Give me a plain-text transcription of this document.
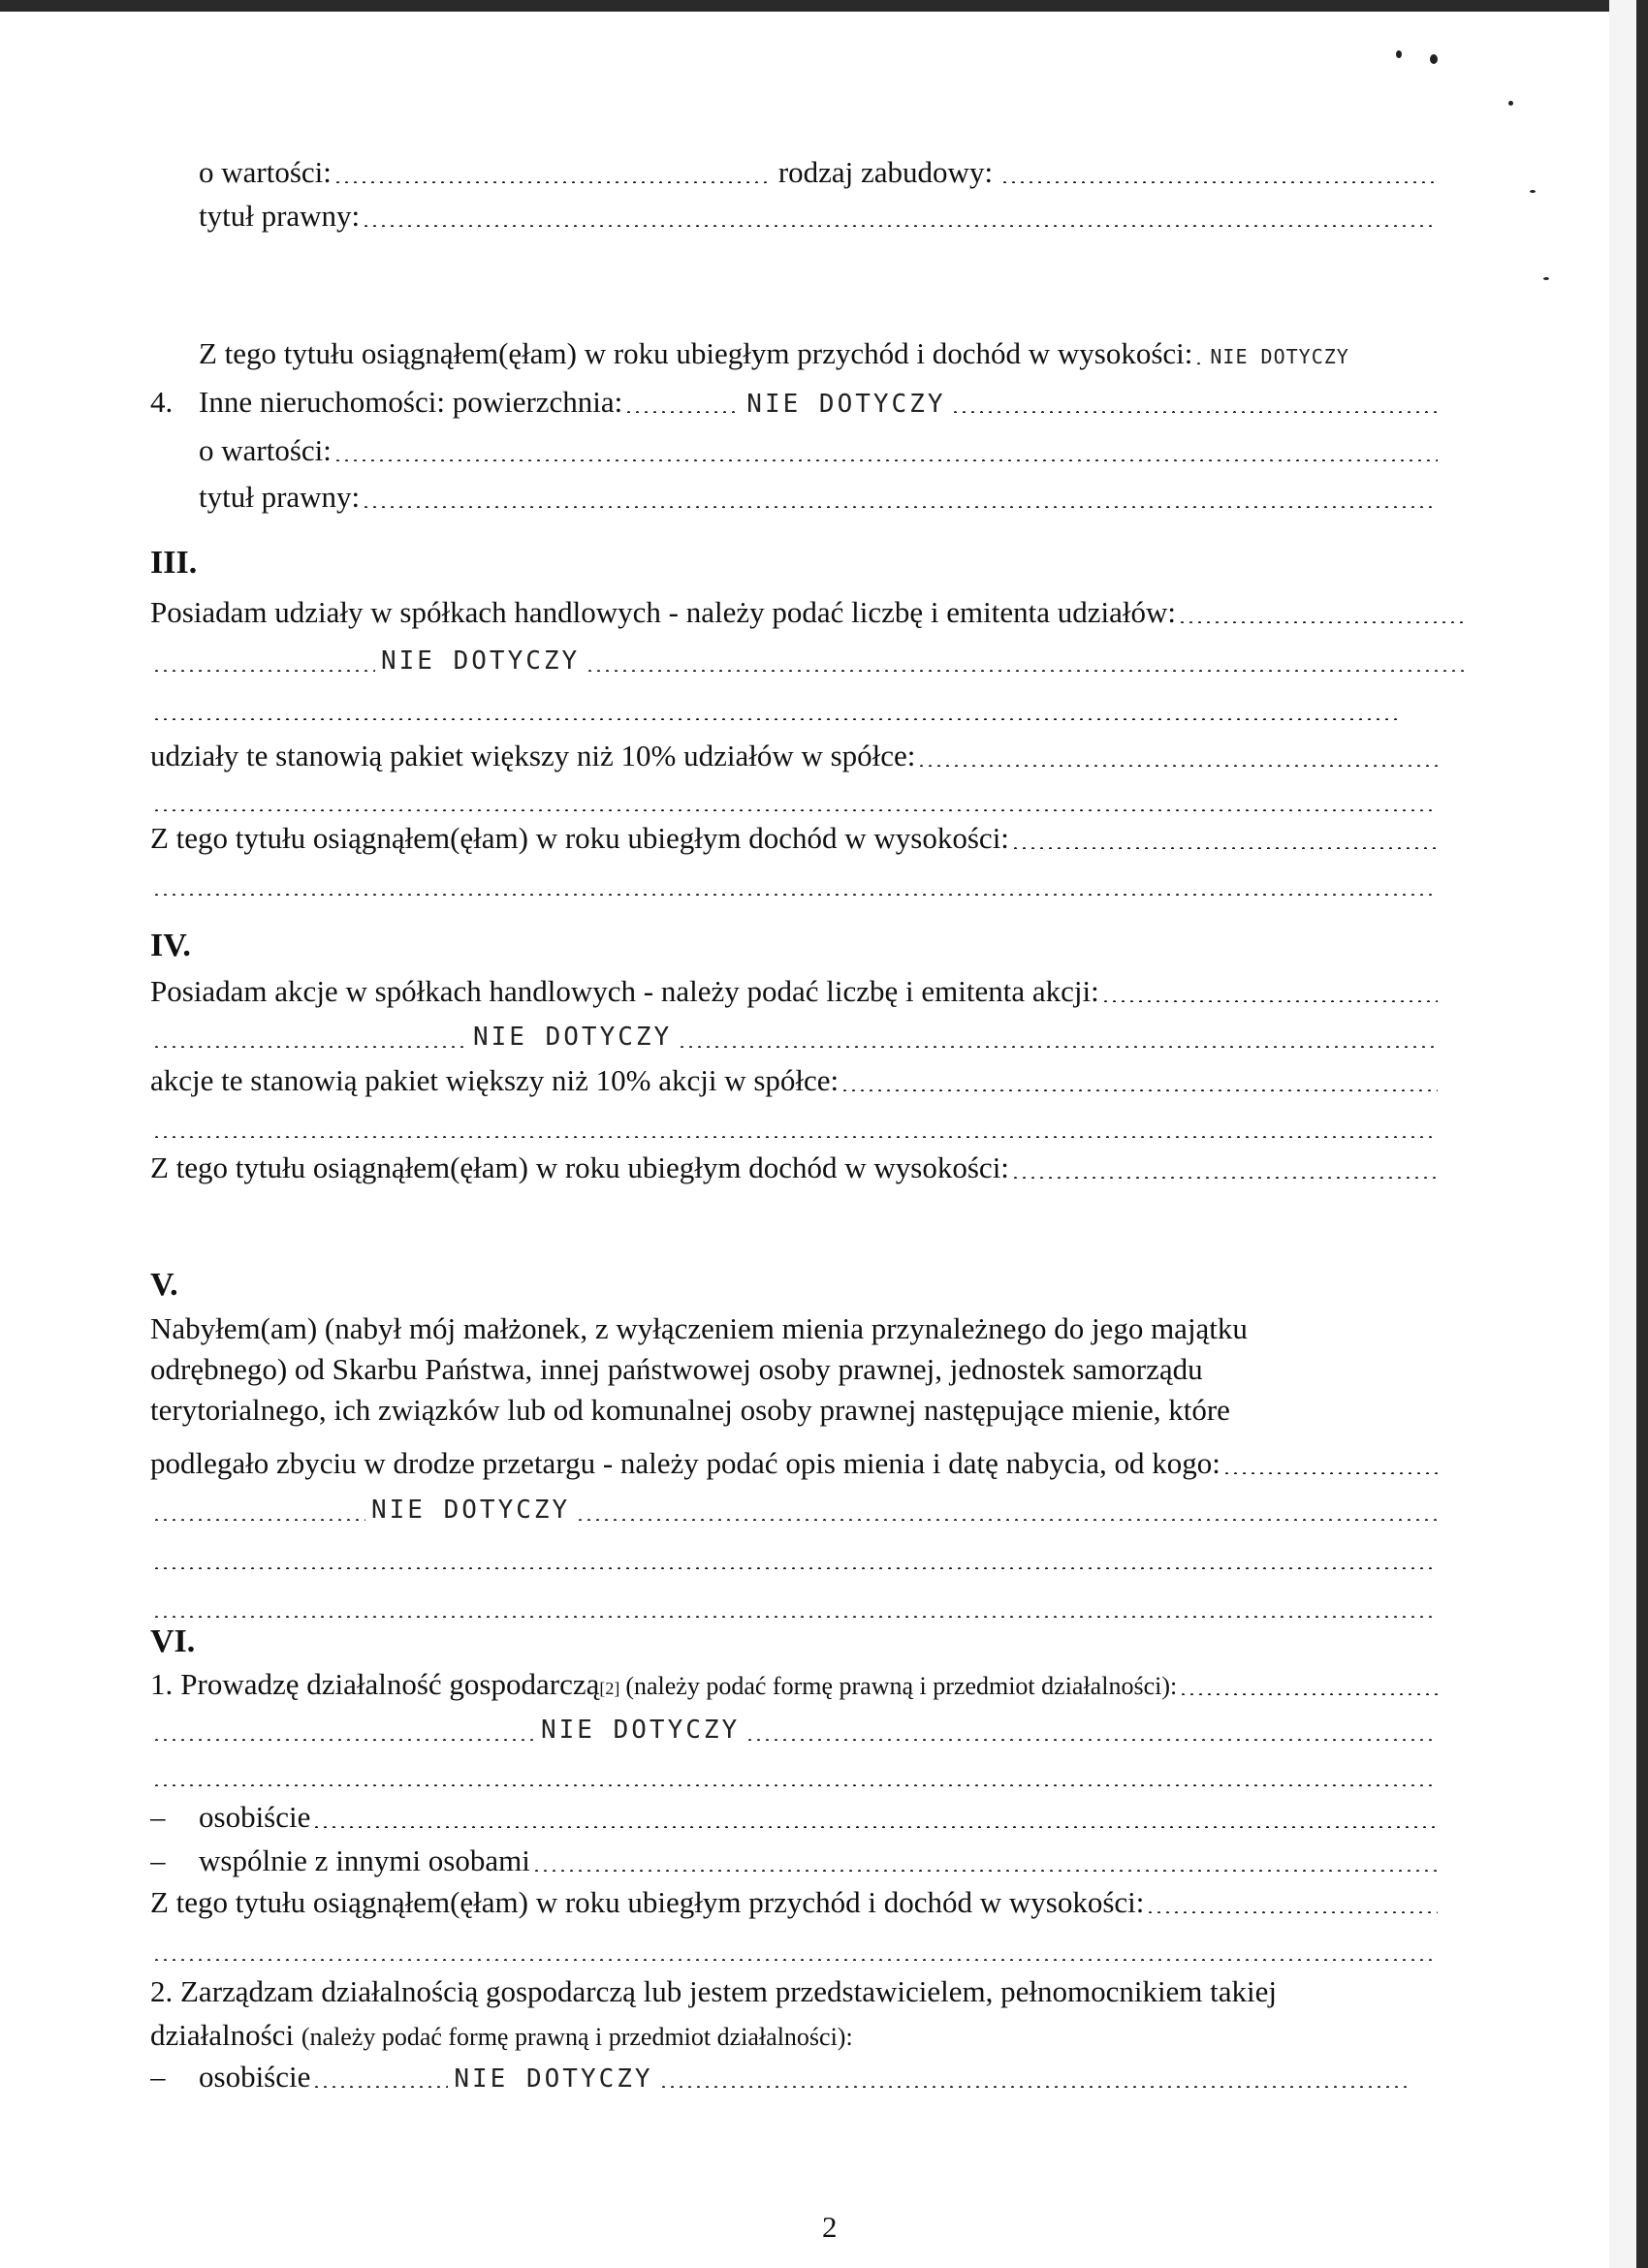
o wartości:	rodzaj zabudowy:
tytuł prawny:
Z tego tytułu osiągnąłem(ęłam) w roku ubiegłym przychód i dochód w wysokości: NIE DOTYCZY
4. Inne nieruchomości: powierzchnia:	NIE DOTYCZY
o wartości:
tytuł prawny:
III.
Posiadam udziały w spółkach handlowych - należy podać liczbę i emitenta udziałów:
NIE DOTYCZY
udziały te stanowią pakiet większy niż 10% udziałów w spółce:
Z tego tytułu osiągnąłem(ęłam) w roku ubiegłym dochód w wysokości:
IV.
Posiadam akcje w spółkach handlowych - należy podać liczbę i emitenta akcji:
NIE DOTYCZY
akcje te stanowią pakiet większy niż 10% akcji w spółce:
Z tego tytułu osiągnąłem(ęłam) w roku ubiegłym dochód w wysokości:
V.
Nabyłem(am) (nabył mój małżonek, z wyłączeniem mienia przynależnego do jego majątku
odrębnego) od Skarbu Państwa, innej państwowej osoby prawnej, jednostek samorządu
terytorialnego, ich związków lub od komunalnej osoby prawnej następujące mienie, które
podlegało zbyciu w drodze przetargu - należy podać opis mienia i datę nabycia, od kogo:
NIE DOTYCZY
VI.
1. Prowadzę działalność gospodarczą [2] (należy podać formę prawną i przedmiot działalności):
NIE DOTYCZY
–	osobiście
–	wspólnie z innymi osobami
Z tego tytułu osiągnąłem(ęłam) w roku ubiegłym przychód i dochód w wysokości:
2. Zarządzam działalnością gospodarczą lub jestem przedstawicielem, pełnomocnikiem takiej
działalności (należy podać formę prawną i przedmiot działalności):
–	osobiście	NIE DOTYCZY
2
